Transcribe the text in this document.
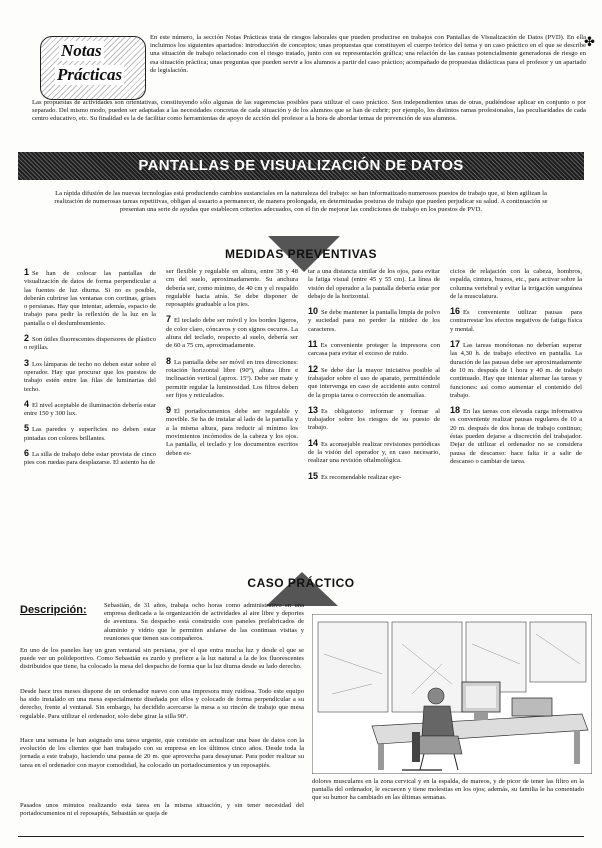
Notas
Prácticas
✤
En este número, la sección Notas Prácticas trata de riesgos laborales que pueden producirse en trabajos con Pantallas de Visualización de Datos (PVD). En ella incluimos los siguientes apartados: introducción de conceptos; unas propuestas que constituyen el cuerpo teórico del tema y un caso práctico en el que se describe una situación de trabajo relacionado con el riesgo tratado, junto con su representación gráfica; una relación de las causas potencialmente generadoras de riesgo en esa situación práctica; unas preguntas que pueden servir a los alumnos a partir del caso práctico; acompañado de propuestas didácticas para el profesor y un apartado de legislación.
Las propuestas de actividades son orientativas, constituyendo sólo algunas de las sugerencias posibles para utilizar el caso práctico. Son independientes unas de otras, pudiéndose aplicar en conjunto o por separado. Del mismo modo, pueden ser adaptadas a las necesidades concretas de cada situación y de los alumnos que se han de cubrir; por ejemplo, los distintos ramas profesionales, las peculiaridades de cada centro educativo, etc. Su finalidad es la de facilitar como herramientas de apoyo de acción del profesor a la hora de abordar temas de prevención de sus alumnos.
PANTALLAS DE VISUALIZACIÓN DE DATOS
La rápida difusión de las nuevas tecnologías está produciendo cambios sustanciales en la naturaleza del trabajo: se han informatizado numerosos puestos de trabajo que, si bien agilizan la realización de numerosas tareas repetitivas, obligan al usuario a permanecer, de manera prolongada, en determinadas posturas de trabajo que pueden perjudicar su salud. A continuación se presentan una serie de ayudas que establecen criterios adecuados, con el fin de mejorar las condiciones de trabajo en los puestos de PVD.
MEDIDAS PREVENTIVAS

1 Se han de colocar las pantallas de visualización de datos de forma perpendicular a las fuentes de luz diurna. Si no es posible, deberán cubrirse las ventanas con cortinas, grises o persianas. Hay que intentar, además, espacio de trabajo para pedir la reflexión de la luz en la pantalla o el deslumbramiento.

2 Son útiles fluorescentes dispersores de plástico o rejillas.

3 Los lámparas de techo no deben estar sobre el operador. Hay que procurar que los puestos de trabajo estén entre las filas de luminarias del techo.

4 El nivel aceptable de iluminación debería estar entre 150 y 300 lux.

5 Las paredes y superficies no deben estar pintadas con colores brillantes.

6 La silla de trabajo debe estar provista de cinco pies con ruedas para desplazarse. El asiento ha de

ser flexible y regulable en altura, entre 38 y 48 cm del suelo, aproximadamente. Su anchura debería ser, como mínimo, de 40 cm y el respaldo regulable hacia atrás. Se debe disponer de reposapiés graduable a los pies.

7 El teclado debe ser móvil y los bordes ligeros, de color claro, cóncavos y con signos oscuros. La altura del teclado, respecto al suelo, debería ser de 60 a 75 cm, aproximadamente.

8 La pantalla debe ser móvil en tres direcciones: rotación horizontal libre (90º), altura libre e inclinación vertical (aprox. 15º). Debe ser mate y permitir regular la luminosidad. Los filtros deben ser fijos y reticulados.

9 El portadocumentos debe ser regulable y movible. Se ha de instalar al lado de la pantalla y a la misma altura, para reducir al mínimo los movimientos incómodos de la cabeza y los ojos. La pantalla, el teclado y los documentos escritos deben es-

tar a una distancia similar de los ojos, para evitar la fatiga visual (entre 45 y 55 cm). La línea de visión del operador a la pantalla debería estar por debajo de la horizontal.

10 Se debe mantener la pantalla limpia de polvo y suciedad para no perder la nitidez de los caracteres.

11 Es conveniente proteger la impresora con carcasa para evitar el exceso de ruido.

12 Se debe dar la mayor iniciativa posible al trabajador sobre el uso de aparato, permitiéndole que intervenga en caso de accidente auto control de la propia tarea o corrección de anomalías.

13 Es obligatorio informar y formar al trabajador sobre los riesgos de su puesto de trabajo.

14 Es aconsejable realizar revisiones periódicas de la visión del operador y, en caso necesario, realizar una revisión oftalmológica.

15 Es recomendable realizar ejer-

cicios de relajación con la cabeza, hombros, espalda, cintura, brazos, etc., para activar sobre la columna vertebral y evitar la irrigación sanguínea de la musculatura.

16 Es conveniente utilizar pausas para contrarrestar los efectos negativos de fatiga física y mental.

17 Las tareas monótonas no deberían superar las 4,30 h. de trabajo efectivo en pantalla. La duración de las pausas debe ser aproximadamente de 10 m. después de 1 hora y 40 m. de trabajo continuado. Hay que intentar alternar las tareas y funciones: así como aumentar el contenido del trabajo.

18 En las tareas con elevada carga informativa es conveniente realizar pausas regulares de 10 a 20 m. después de dos horas de trabajo continuo; éstas pueden dejarse a discreción del trabajador. Dejar de utilizar el ordenador no se considera pausa de descanso: hace falta ir a salir de descanso o cambiar de tarea.

CASO PRÁCTICO
Descripción:	Sebastián, de 31 años, trabaja ocho horas como administrativo en una empresa dedicada a la organización de actividades al aire libre y deportes de aventura. Su despacho está construido con paneles prefabricados de aluminio y vidrio que le permiten aislarse de las continuas visitas y reuniones que tienen sus compañeros.
En uno de los paneles hay un gran ventanal sin persiana, por el que entra mucha luz y desde el que se puede ver un polideportivo. Como Sebastián es zurdo y prefiere a la luz natural a la de los fluorescentes distribuidos que tiene, ha colocado la mesa del despacho de forma que la luz diurna desde su lado derecho.
Desde hace tres meses dispone de un ordenador nuevo con una impresora muy ruidosa. Todo este equipo ha sido instalado en una mesa especialmente diseñada por ellos y colocado de forma perpendicular a su derecho, frente al ventanal. Sin embargo, ha decidido acercarse la mesa a su rincón de trabajo que mesa regulable. Para utilizar el ordenador, solo debe girar la silla 90º.
Hace una semana le han asignado una tarea urgente, que consiste en actualizar una base de datos con la evolución de los clientes que han trabajado con su empresa en los últimos cinco años. Desde toda la jornada a este trabajo, haciendo una pausa de 20 m. que aprovecha para desayunar. Para poder realizar su tarea en el ordenador con mayor comodidad, ha colocado un portadocumentos y un reposapiés.
Pasados unos minutos realizando esta tarea en la misma situación, y sin tener necesidad del portadocumentos ni el reposapiés, Sebastián se queja de
dolores musculares en la zona cervical y en la espalda, de mareos, y de picor de tener las filtro en la pantalla del ordenador, le escuecen y tiene molestias en los ojos; además, su familia le ha comentado que su humor ha cambiado en las últimas semanas.
